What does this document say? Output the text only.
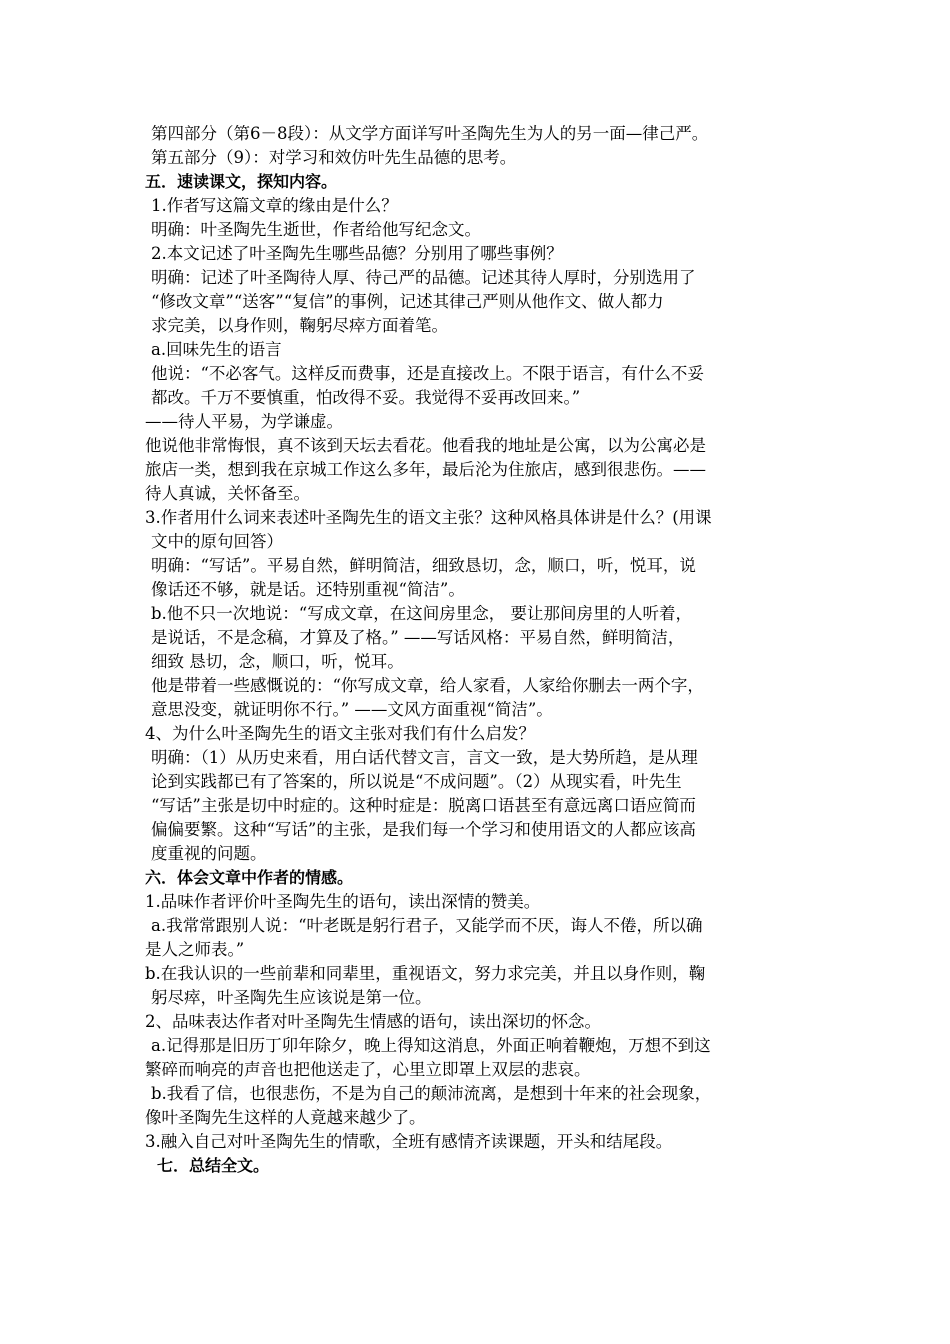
第四部分（第6－8段）：从文学方面详写叶圣陶先生为人的另一面—律己严。
第五部分（9）：对学习和效仿叶先生品德的思考。
五．速读课文，探知内容。
1.作者写这篇文章的缘由是什么？
明确：叶圣陶先生逝世，作者给他写纪念文。
2.本文记述了叶圣陶先生哪些品德？分别用了哪些事例？
明确：记述了叶圣陶待人厚、待己严的品德。记述其待人厚时，分别选用了
“修改文章”“送客”“复信”的事例，记述其律己严则从他作文、做人都力
求完美，以身作则，鞠躬尽瘁方面着笔。
a.回味先生的语言
他说：“不必客气。这样反而费事，还是直接改上。不限于语言，有什么不妥
都改。千万不要慎重，怕改得不妥。我觉得不妥再改回来。”
——待人平易，为学谦虚。
他说他非常悔恨，真不该到天坛去看花。他看我的地址是公寓，以为公寓必是
旅店一类，想到我在京城工作这么多年，最后沦为住旅店，感到很悲伤。——
待人真诚，关怀备至。
3.作者用什么词来表述叶圣陶先生的语文主张？这种风格具体讲是什么？(用课
文中的原句回答）
明确：“写话”。平易自然，鲜明简洁，细致恳切，念，顺口，听，悦耳，说
像话还不够，就是话。还特别重视“简洁”。
b.他不只一次地说：“写成文章，在这间房里念， 要让那间房里的人听着，
是说话，不是念稿，才算及了格。” ——写话风格：平易自然，鲜明简洁，
细致 恳切，念，顺口，听，悦耳。
他是带着一些感慨说的：“你写成文章，给人家看，人家给你删去一两个字，
意思没变，就证明你不行。” ——文风方面重视“简洁”。
4、为什么叶圣陶先生的语文主张对我们有什么启发？
明确：（1）从历史来看，用白话代替文言，言文一致，是大势所趋，是从理
论到实践都已有了答案的，所以说是“不成问题”。（2）从现实看，叶先生
“写话”主张是切中时症的。这种时症是：脱离口语甚至有意远离口语应简而
偏偏要繁。这种“写话”的主张，是我们每一个学习和使用语文的人都应该高
度重视的问题。
六．体会文章中作者的情感。
1.品味作者评价叶圣陶先生的语句，读出深情的赞美。
a.我常常跟别人说：“叶老既是躬行君子，又能学而不厌，诲人不倦，所以确
是人之师表。”
b.在我认识的一些前辈和同辈里，重视语文，努力求完美，并且以身作则，鞠
躬尽瘁，叶圣陶先生应该说是第一位。
2、品味表达作者对叶圣陶先生情感的语句，读出深切的怀念。
a.记得那是旧历丁卯年除夕，晚上得知这消息，外面正响着鞭炮，万想不到这
繁碎而响亮的声音也把他送走了，心里立即罩上双层的悲哀。
b.我看了信，也很悲伤，不是为自己的颠沛流离，是想到十年来的社会现象，
像叶圣陶先生这样的人竟越来越少了。
3.融入自己对叶圣陶先生的情歌，全班有感情齐读课题，开头和结尾段。
七．总结全文。
